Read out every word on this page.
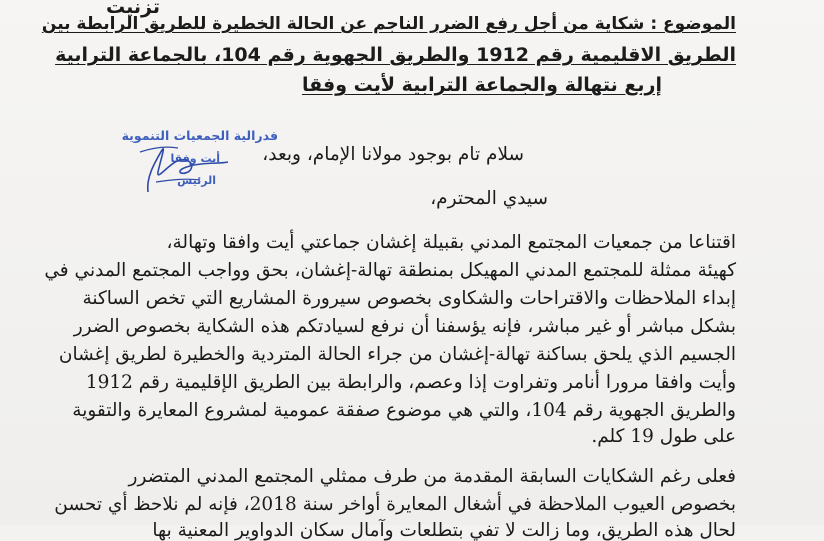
تزنيت
الموضوع : شكاية من أجل رفع الضرر الناجم عن الحالة الخطيرة للطريق الرابطة بين
الطريق الاقليمية رقم 1912 والطريق الجهوية رقم 104، بالجماعة الترابية
إربع نتهالة والجماعة الترابية لأيت وفقا
فدرالية الجمعيات التنموية
أيت وفقا
الرئيس
سلام تام بوجود مولانا الإمام، وبعد،
سيدي المحترم،
اقتناعا من جمعيات المجتمع المدني بقبيلة إغشان جماعتي أيت وافقا وتهالة،
كهيئة ممثلة للمجتمع المدني المهيكل بمنطقة تهالة-إغشان، بحق وواجب المجتمع المدني في
إبداء الملاحظات والاقتراحات والشكاوى بخصوص سيرورة المشاريع التي تخص الساكنة
بشكل مباشر أو غير مباشر، فإنه يؤسفنا أن نرفع لسيادتكم هذه الشكاية بخصوص الضرر
الجسيم الذي يلحق بساكنة تهالة-إغشان من جراء الحالة المتردية والخطيرة لطريق إغشان
وأيت وافقا مرورا أنامر وتفراوت إذا وعصم، والرابطة بين الطريق الإقليمية رقم 1912
والطريق الجهوية رقم 104، والتي هي موضوع صفقة عمومية لمشروع المعايرة والتقوية
على طول 19 كلم.
فعلى رغم الشكايات السابقة المقدمة من طرف ممثلي المجتمع المدني المتضرر
بخصوص العيوب الملاحظة في أشغال المعايرة أواخر سنة 2018، فإنه لم نلاحظ أي تحسن
لحال هذه الطريق، وما زالت لا تفي بتطلعات وآمال سكان الدواوير المعنية بها
